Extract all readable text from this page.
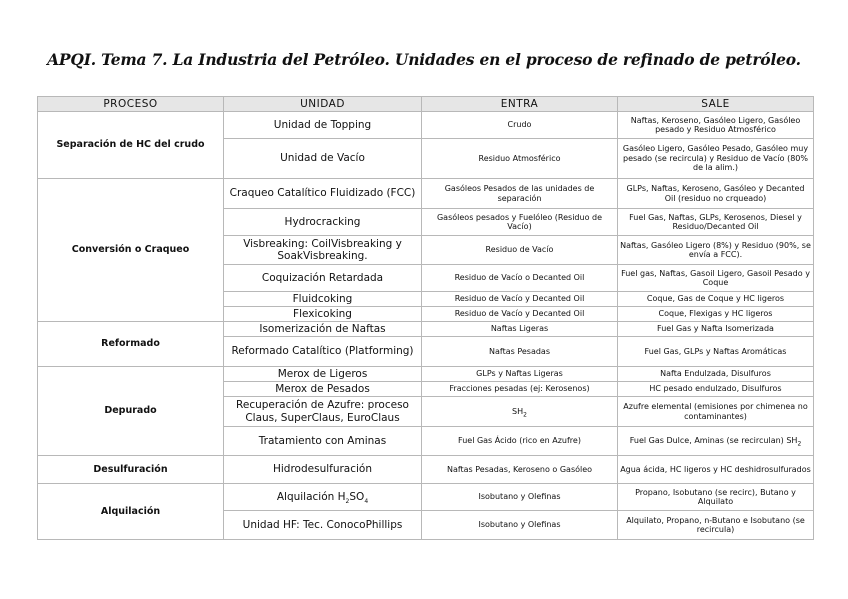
APQI. Tema 7. La Industria del Petróleo. Unidades en el proceso de refinado de petróleo.
PROCESO	UNIDAD	ENTRA	SALE
Separación de HC del crudo	Unidad de Topping	Crudo	Naftas, Keroseno, Gasóleo Ligero, Gasóleo pesado y Residuo Atmosférico
	Unidad de Vacío	Residuo Atmosférico	Gasóleo Ligero, Gasóleo Pesado, Gasóleo muy pesado (se recircula) y Residuo de Vacío (80% de la alim.)
Conversión o Craqueo	Craqueo Catalítico Fluidizado (FCC)	Gasóleos Pesados de las unidades de separación	GLPs, Naftas, Keroseno, Gasóleo y Decanted Oil (residuo no crqueado)
	Hydrocracking	Gasóleos pesados y Fuelóleo (Residuo de Vacío)	Fuel Gas, Naftas, GLPs, Kerosenos, Diesel y Residuo/Decanted Oil
	Visbreaking: CoilVisbreaking y SoakVisbreaking.	Residuo de Vacío	Naftas, Gasóleo Ligero (8%) y Residuo (90%, se envía a FCC).
	Coquización Retardada	Residuo de Vacío o Decanted Oil	Fuel gas, Naftas, Gasoil Ligero, Gasoil Pesado y Coque
	Fluidcoking	Residuo de Vacío y Decanted Oil	Coque, Gas de Coque y HC ligeros
	Flexicoking	Residuo de Vacío y Decanted Oil	Coque, Flexigas y HC ligeros
Reformado	Isomerización de Naftas	Naftas Ligeras	Fuel Gas y Nafta Isomerizada
	Reformado Catalítico (Platforming)	Naftas Pesadas	Fuel Gas, GLPs y Naftas Aromáticas
Depurado	Merox de Ligeros	GLPs y Naftas Ligeras	Nafta Endulzada, Disulfuros
	Merox de Pesados	Fracciones pesadas (ej: Kerosenos)	HC pesado endulzado, Disulfuros
	Recuperación de Azufre: proceso Claus, SuperClaus, EuroClaus	$SH_2$	Azufre elemental (emisiones por chimenea no contaminantes)
	Tratamiento con Aminas	Fuel Gas Ácido (rico en Azufre)	Fuel Gas Dulce, Aminas (se recirculan) $SH_2$
Desulfuración	Hidrodesulfuración	Naftas Pesadas, Keroseno o Gasóleo	Agua ácida, HC ligeros y HC deshidrosulfurados
Alquilación	Alquilación $H_2SO_4$	Isobutano y Olefinas	Propano, Isobutano (se recirc), Butano y Alquilato
	Unidad HF: Tec. ConocoPhillips	Isobutano y Olefinas	Alquilato, Propano, n-Butano e Isobutano (se recircula)
